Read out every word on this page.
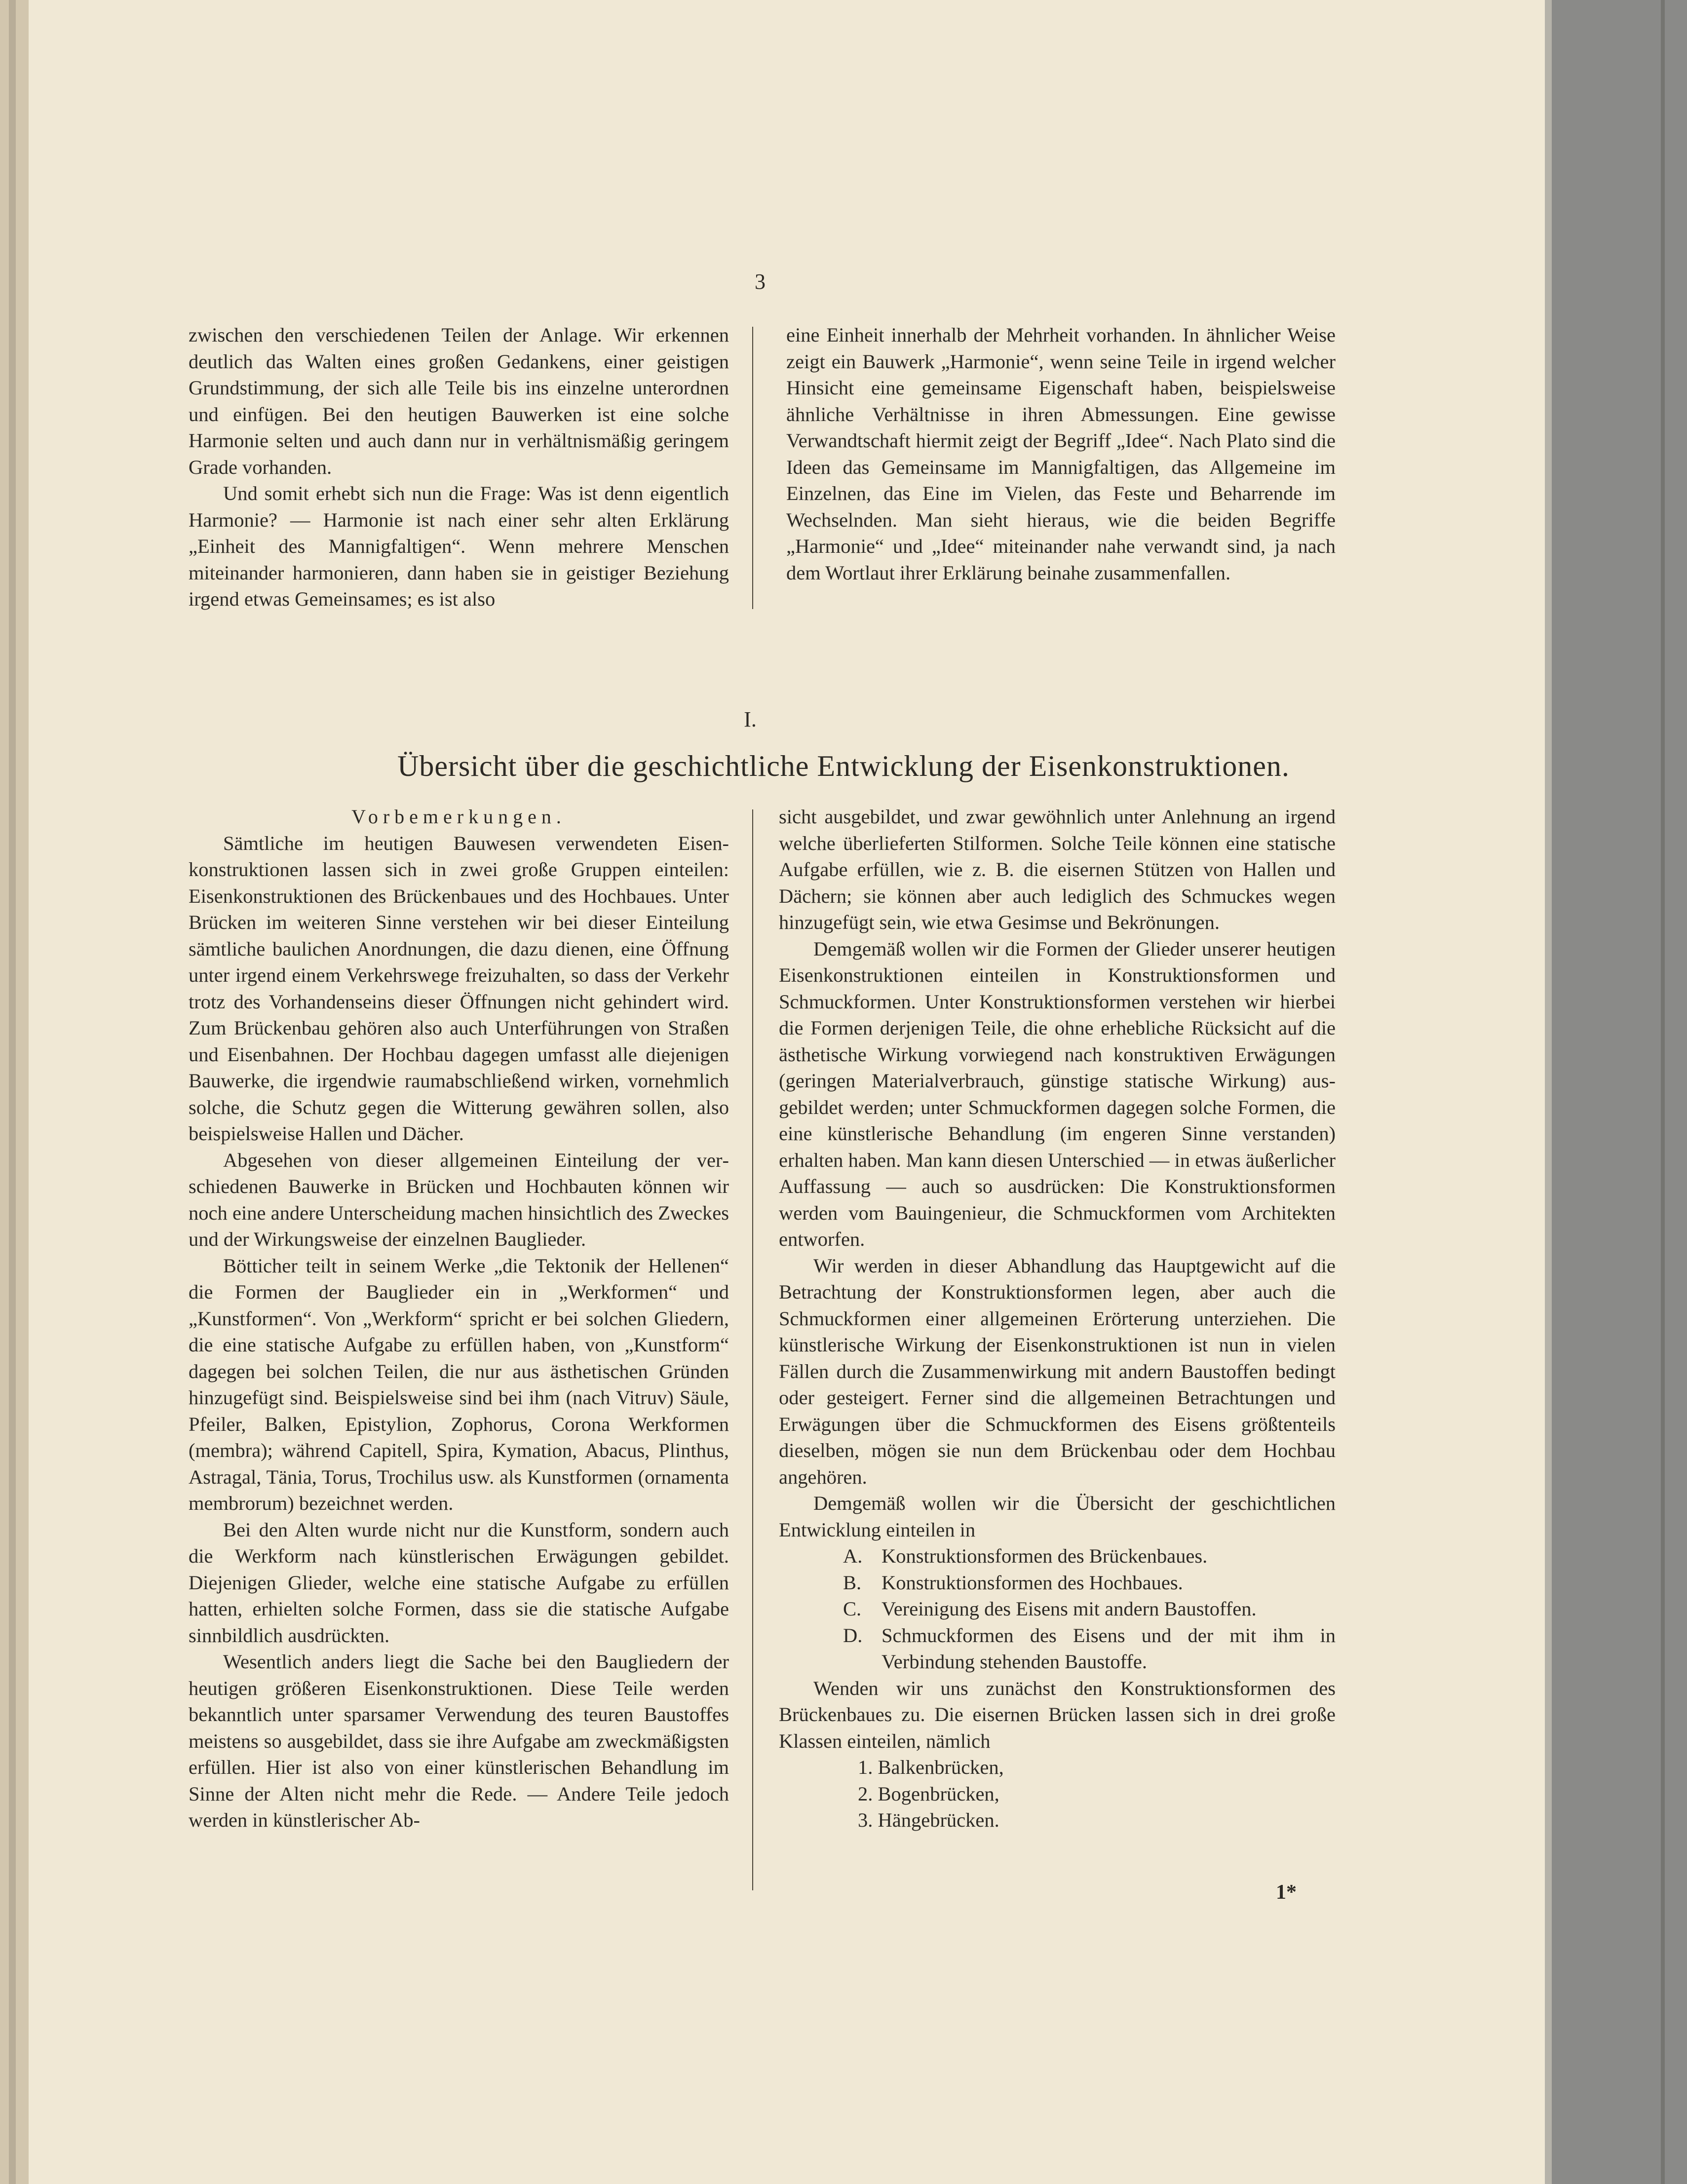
3

zwischen den verschiedenen Teilen der Anlage. Wir erkennen deutlich das Walten eines großen Gedankens, einer geistigen Grundstimmung, der sich alle Teile bis ins einzelne unterordnen und einfügen. Bei den heutigen Bauwerken ist eine solche Harmonie selten und auch dann nur in verhältnismäßig geringem Grade vorhanden.

Und somit erhebt sich nun die Frage: Was ist denn eigentlich Harmonie? — Harmonie ist nach einer sehr alten Erklärung „Einheit des Mannigfaltigen“. Wenn mehrere Menschen miteinander harmonieren, dann haben sie in geistiger Beziehung irgend etwas Gemeinsames; es ist also

eine Einheit innerhalb der Mehrheit vorhanden. In ähnlicher Weise zeigt ein Bauwerk „Harmonie“, wenn seine Teile in irgend welcher Hinsicht eine gemeinsame Eigenschaft haben, beispielsweise ähnliche Verhältnisse in ihren Abmessungen. Eine gewisse Verwandtschaft hiermit zeigt der Begriff „Idee“. Nach Plato sind die Ideen das Gemeinsame im Mannigfaltigen, das Allgemeine im Einzelnen, das Eine im Vielen, das Feste und Beharrende im Wechselnden. Man sieht hieraus, wie die beiden Begriffe „Harmonie“ und „Idee“ miteinander nahe verwandt sind, ja nach dem Wortlaut ihrer Erklärung beinahe zusammenfallen.

I.
Übersicht über die geschichtliche Entwicklung der Eisenkonstruktionen.

Vorbemerkungen.

Sämtliche im heutigen Bauwesen verwendeten Eisenkonstruktionen lassen sich in zwei große Gruppen einteilen: Eisenkonstruktionen des Brückenbaues und des Hochbaues. Unter Brücken im weiteren Sinne verstehen wir bei dieser Einteilung sämtliche baulichen Anordnungen, die dazu dienen, eine Öffnung unter irgend einem Verkehrswege freizuhalten, so dass der Verkehr trotz des Vorhandenseins dieser Öffnungen nicht gehindert wird. Zum Brückenbau gehören also auch Unterführungen von Straßen und Eisenbahnen. Der Hochbau dagegen umfasst alle diejenigen Bauwerke, die irgendwie raumabschließend wirken, vornehmlich solche, die Schutz gegen die Witterung gewähren sollen, also beispielsweise Hallen und Dächer.

Abgesehen von dieser allgemeinen Einteilung der verschiedenen Bauwerke in Brücken und Hochbauten können wir noch eine andere Unterscheidung machen hinsichtlich des Zweckes und der Wirkungsweise der einzelnen Bauglieder.

Bötticher teilt in seinem Werke „die Tektonik der Hellenen“ die Formen der Bauglieder ein in „Werkformen“ und „Kunstformen“. Von „Werkform“ spricht er bei solchen Gliedern, die eine statische Aufgabe zu erfüllen haben, von „Kunstform“ dagegen bei solchen Teilen, die nur aus ästhetischen Gründen hinzugefügt sind. Beispielsweise sind bei ihm (nach Vitruv) Säule, Pfeiler, Balken, Epistylion, Zophorus, Corona Werkformen (membra); während Capitell, Spira, Kymation, Abacus, Plinthus, Astragal, Tänia, Torus, Trochilus usw. als Kunstformen (ornamenta membrorum) bezeichnet werden.

Bei den Alten wurde nicht nur die Kunstform, sondern auch die Werkform nach künstlerischen Erwägungen gebildet. Diejenigen Glieder, welche eine statische Aufgabe zu erfüllen hatten, erhielten solche Formen, dass sie die statische Aufgabe sinnbildlich ausdrückten.

Wesentlich anders liegt die Sache bei den Baugliedern der heutigen größeren Eisenkonstruktionen. Diese Teile werden bekanntlich unter sparsamer Verwendung des teuren Baustoffes meistens so ausgebildet, dass sie ihre Aufgabe am zweckmäßigsten erfüllen. Hier ist also von einer künstlerischen Behandlung im Sinne der Alten nicht mehr die Rede. — Andere Teile jedoch werden in künstlerischer Ab-

sicht ausgebildet, und zwar gewöhnlich unter Anlehnung an irgend welche überlieferten Stilformen. Solche Teile können eine statische Aufgabe erfüllen, wie z. B. die eisernen Stützen von Hallen und Dächern; sie können aber auch lediglich des Schmuckes wegen hinzugefügt sein, wie etwa Gesimse und Bekrönungen.

Demgemäß wollen wir die Formen der Glieder unserer heutigen Eisenkonstruktionen einteilen in Konstruktionsformen und Schmuckformen. Unter Konstruktionsformen verstehen wir hierbei die Formen derjenigen Teile, die ohne erhebliche Rücksicht auf die ästhetische Wirkung vorwiegend nach konstruktiven Erwägungen (geringen Materialverbrauch, günstige statische Wirkung) ausgebildet werden; unter Schmuckformen dagegen solche Formen, die eine künstlerische Behandlung (im engeren Sinne verstanden) erhalten haben. Man kann diesen Unterschied — in etwas äußerlicher Auffassung — auch so ausdrücken: Die Konstruktionsformen werden vom Bauingenieur, die Schmuckformen vom Architekten entworfen.

Wir werden in dieser Abhandlung das Hauptgewicht auf die Betrachtung der Konstruktionsformen legen, aber auch die Schmuckformen einer allgemeinen Erörterung unterziehen. Die künstlerische Wirkung der Eisenkonstruktionen ist nun in vielen Fällen durch die Zusammenwirkung mit andern Baustoffen bedingt oder gesteigert. Ferner sind die allgemeinen Betrachtungen und Erwägungen über die Schmuckformen des Eisens größtenteils dieselben, mögen sie nun dem Brückenbau oder dem Hochbau angehören.

Demgemäß wollen wir die Übersicht der geschichtlichen Entwicklung einteilen in

A. Konstruktionsformen des Brückenbaues.

B.	Konstruktionsformen des Hochbaues.

C.	Vereinigung des Eisens mit andern Baustoffen.

D. Schmuckformen des Eisens und der mit ihm in Verbindung stehenden Baustoffe.

Wenden wir uns zunächst den Konstruktionsformen des Brückenbaues zu. Die eisernen Brücken lassen sich in drei große Klassen einteilen, nämlich

1. Balkenbrücken,

2. Bogenbrücken,

3. Hängebrücken.

1*
